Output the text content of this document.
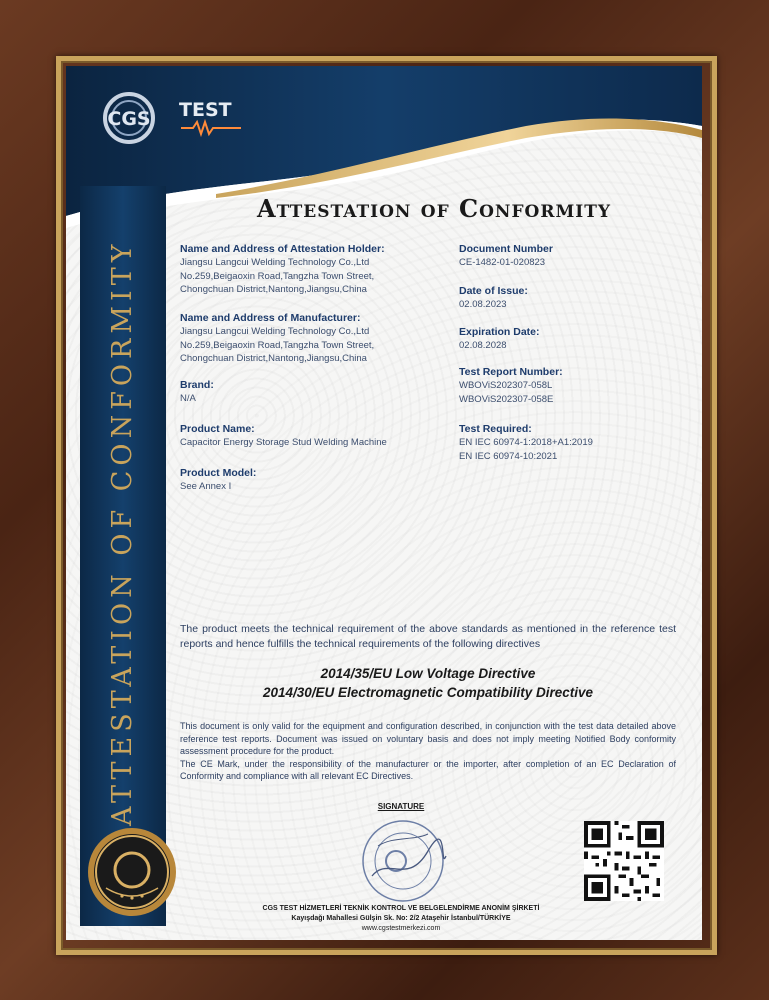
CGS TEST
ATTESTATION OF CONFORMITY
Attestation of Conformity
Name and Address of Attestation Holder:
Jiangsu Langcui Welding Technology Co.,Ltd
No.259,Beigaoxin Road,Tangzha Town Street,
Chongchuan District,Nantong,Jiangsu,China
Name and Address of Manufacturer:
Jiangsu Langcui Welding Technology Co.,Ltd
No.259,Beigaoxin Road,Tangzha Town Street,
Chongchuan District,Nantong,Jiangsu,China
Brand:
N/A
Product Name:
Capacitor Energy Storage Stud Welding Machine
Product Model:
See Annex I
Document Number
CE-1482-01-020823
Date of Issue:
02.08.2023
Expiration Date:
02.08.2028
Test Report Number:
WBOViS202307-058L
WBOViS202307-058E
Test Required:
EN IEC 60974-1:2018+A1:2019
EN IEC 60974-10:2021
The product meets the technical requirement of the above standards as mentioned in the reference test reports and hence fulfills the technical requirements of the following directives
2014/35/EU Low Voltage Directive
2014/30/EU Electromagnetic Compatibility Directive
This document is only valid for the equipment and configuration described, in conjunction with the test data detailed above reference test reports. Document was issued on voluntary basis and does not imply meeting Notified Body conformity assessment procedure for the product.
The CE Mark, under the responsibility of the manufacturer or the importer, after completion of an EC Declaration of Conformity and compliance with all relevant EC Directives.
SIGNATURE
CGS TEST HİZMETLERİ TEKNİK KONTROL VE BELGELENDİRME ANONİM ŞİRKETİ
Kayışdağı Mahallesi Gülşin Sk. No: 2/2 Ataşehir İstanbul/TÜRKİYE
www.cgstestmerkezi.com
